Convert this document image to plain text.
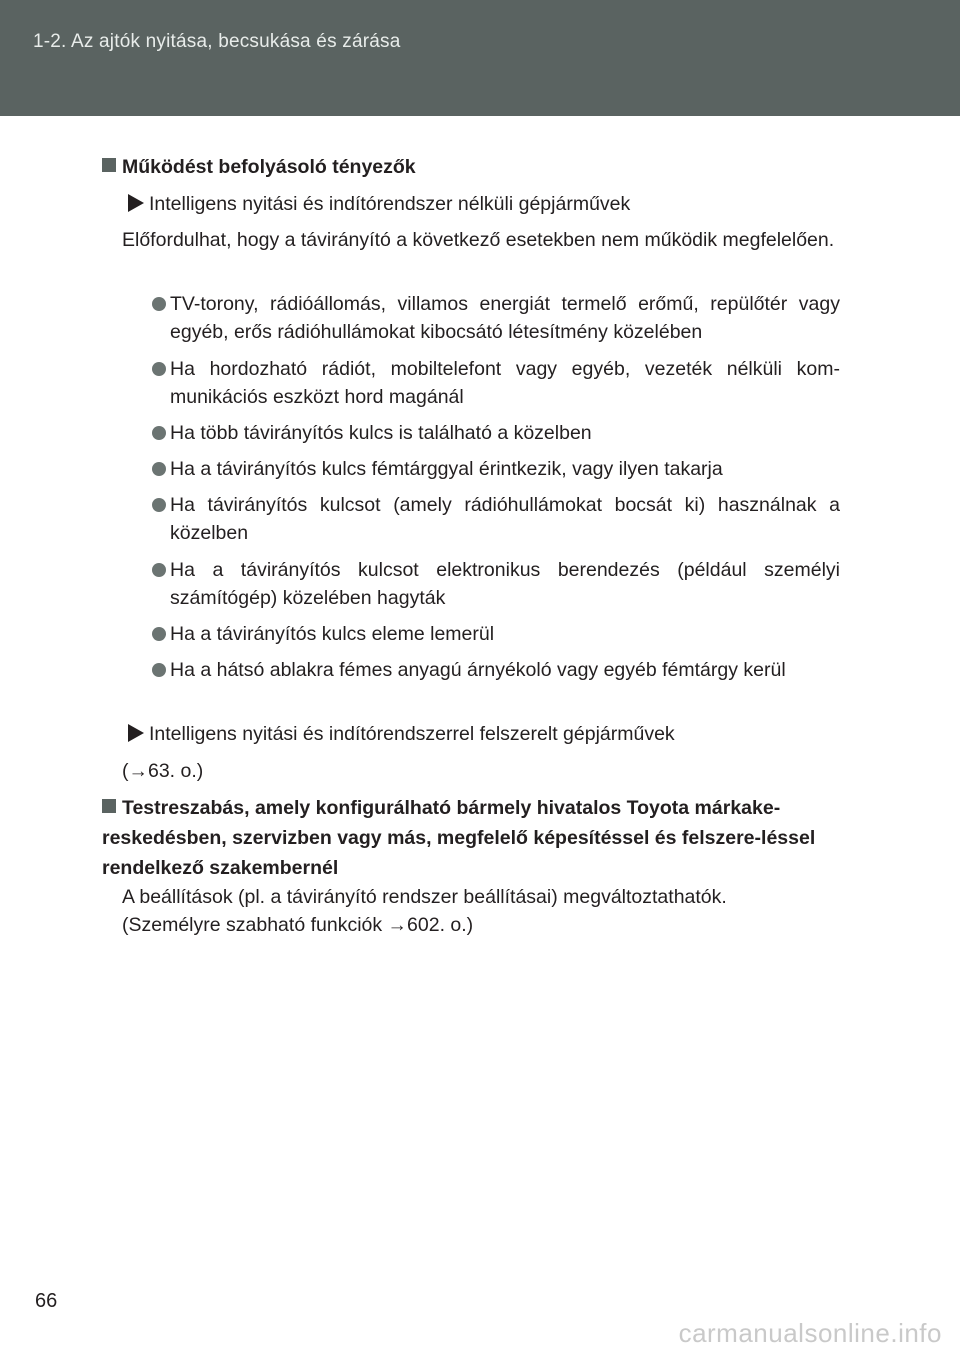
1-2. Az ajtók nyitása, becsukása és zárása
Működést befolyásoló tényezők
Intelligens nyitási és indítórendszer nélküli gépjárművek
Előfordulhat, hogy a távirányító a következő esetekben nem működik megfelelően.
TV-torony, rádióállomás, villamos energiát termelő erőmű, repülőtér vagy egyéb, erős rádióhullámokat kibocsátó létesítmény közelében
Ha hordozható rádiót, mobiltelefont vagy egyéb, vezeték nélküli kom-munikációs eszközt hord magánál
Ha több távirányítós kulcs is található a közelben
Ha a távirányítós kulcs fémtárggyal érintkezik, vagy ilyen takarja
Ha távirányítós kulcsot (amely rádióhullámokat bocsát ki) használnak a közelben
Ha a távirányítós kulcsot elektronikus berendezés (például személyi számítógép) közelében hagyták
Ha a távirányítós kulcs eleme lemerül
Ha a hátsó ablakra fémes anyagú árnyékoló vagy egyéb fémtárgy kerül
Intelligens nyitási és indítórendszerrel felszerelt gépjárművek
(→63. o.)
Testreszabás, amely konfigurálható bármely hivatalos Toyota márkake-reskedésben, szervizben vagy más, megfelelő képesítéssel és felszere-léssel rendelkező szakembernél
A beállítások (pl. a távirányító rendszer beállításai) megváltoztathatók.
(Személyre szabható funkciók →602. o.)
66
carmanualsonline.info
